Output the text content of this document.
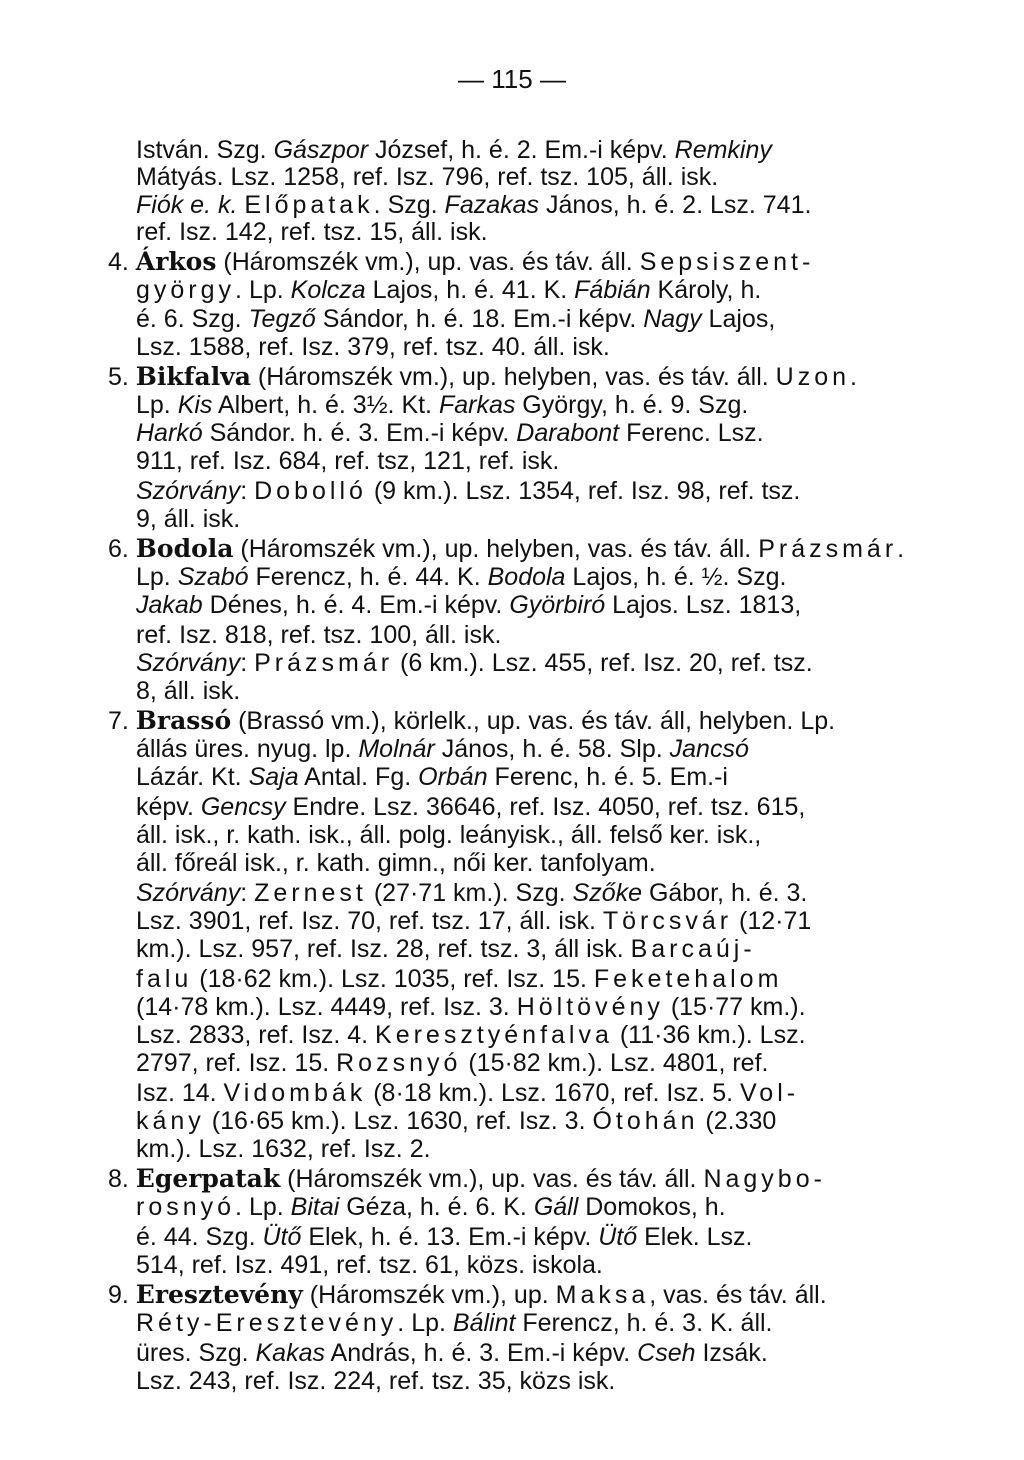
— 115 —
István. Szg. Gászpor József, h. é. 2. Em.-i képv. Remkiny
Mátyás. Lsz. 1258, ref. Isz. 796, ref. tsz. 105, áll. isk.
Fiók e. k. Előpatak. Szg. Fazakas János, h. é. 2. Lsz. 741.
ref. Isz. 142, ref. tsz. 15, áll. isk.
4. Árkos (Háromszék vm.), up. vas. és táv. áll. Sepsiszent-
györgy. Lp. Kolcza Lajos, h. é. 41. K. Fábián Károly, h.
é. 6. Szg. Tegző Sándor, h. é. 18. Em.-i képv. Nagy Lajos,
Lsz. 1588, ref. Isz. 379, ref. tsz. 40. áll. isk.
5. Bikfalva (Háromszék vm.), up. helyben, vas. és táv. áll. Uzon.
Lp. Kis Albert, h. é. 3½. Kt. Farkas György, h. é. 9. Szg.
Harkó Sándor. h. é. 3. Em.-i képv. Darabont Ferenc. Lsz.
911, ref. Isz. 684, ref. tsz, 121, ref. isk.
Szórvány: Dobolló (9 km.). Lsz. 1354, ref. Isz. 98, ref. tsz.
9, áll. isk.
6. Bodola (Háromszék vm.), up. helyben, vas. és táv. áll. Prázsmár.
Lp. Szabó Ferencz, h. é. 44. K. Bodola Lajos, h. é. ½. Szg.
Jakab Dénes, h. é. 4. Em.-i képv. Györbiró Lajos. Lsz. 1813,
ref. Isz. 818, ref. tsz. 100, áll. isk.
Szórvány: Prázsmár (6 km.). Lsz. 455, ref. Isz. 20, ref. tsz.
8, áll. isk.
7. Brassó (Brassó vm.), körlelk., up. vas. és táv. áll, helyben. Lp.
állás üres. nyug. lp. Molnár János, h. é. 58. Slp. Jancsó
Lázár. Kt. Saja Antal. Fg. Orbán Ferenc, h. é. 5. Em.-i
képv. Gencsy Endre. Lsz. 36646, ref. Isz. 4050, ref. tsz. 615,
áll. isk., r. kath. isk., áll. polg. leányisk., áll. felső ker. isk.,
áll. főreál isk., r. kath. gimn., női ker. tanfolyam.
Szórvány: Zernest (27·71 km.). Szg. Szőke Gábor, h. é. 3.
Lsz. 3901, ref. Isz. 70, ref. tsz. 17, áll. isk. Törcsvár (12·71
km.). Lsz. 957, ref. Isz. 28, ref. tsz. 3, áll isk. Barcaúj-
falu (18·62 km.). Lsz. 1035, ref. Isz. 15. Feketehalom
(14·78 km.). Lsz. 4449, ref. Isz. 3. Höltövény (15·77 km.).
Lsz. 2833, ref. Isz. 4. Keresztyénfalva (11·36 km.). Lsz.
2797, ref. Isz. 15. Rozsnyó (15·82 km.). Lsz. 4801, ref.
Isz. 14. Vidombák (8·18 km.). Lsz. 1670, ref. Isz. 5. Vol-
kány (16·65 km.). Lsz. 1630, ref. Isz. 3. Ótohán (2.330
km.). Lsz. 1632, ref. Isz. 2.
8. Egerpatak (Háromszék vm.), up. vas. és táv. áll. Nagybo-
rosnyó. Lp. Bitai Géza, h. é. 6. K. Gáll Domokos, h.
é. 44. Szg. Ütő Elek, h. é. 13. Em.-i képv. Ütő Elek. Lsz.
514, ref. Isz. 491, ref. tsz. 61, közs. iskola.
9. Eresztevény (Háromszék vm.), up. Maksa, vas. és táv. áll.
Réty-Eresztevény. Lp. Bálint Ferencz, h. é. 3. K. áll.
üres. Szg. Kakas András, h. é. 3. Em.-i képv. Cseh Izsák.
Lsz. 243, ref. Isz. 224, ref. tsz. 35, közs isk.
